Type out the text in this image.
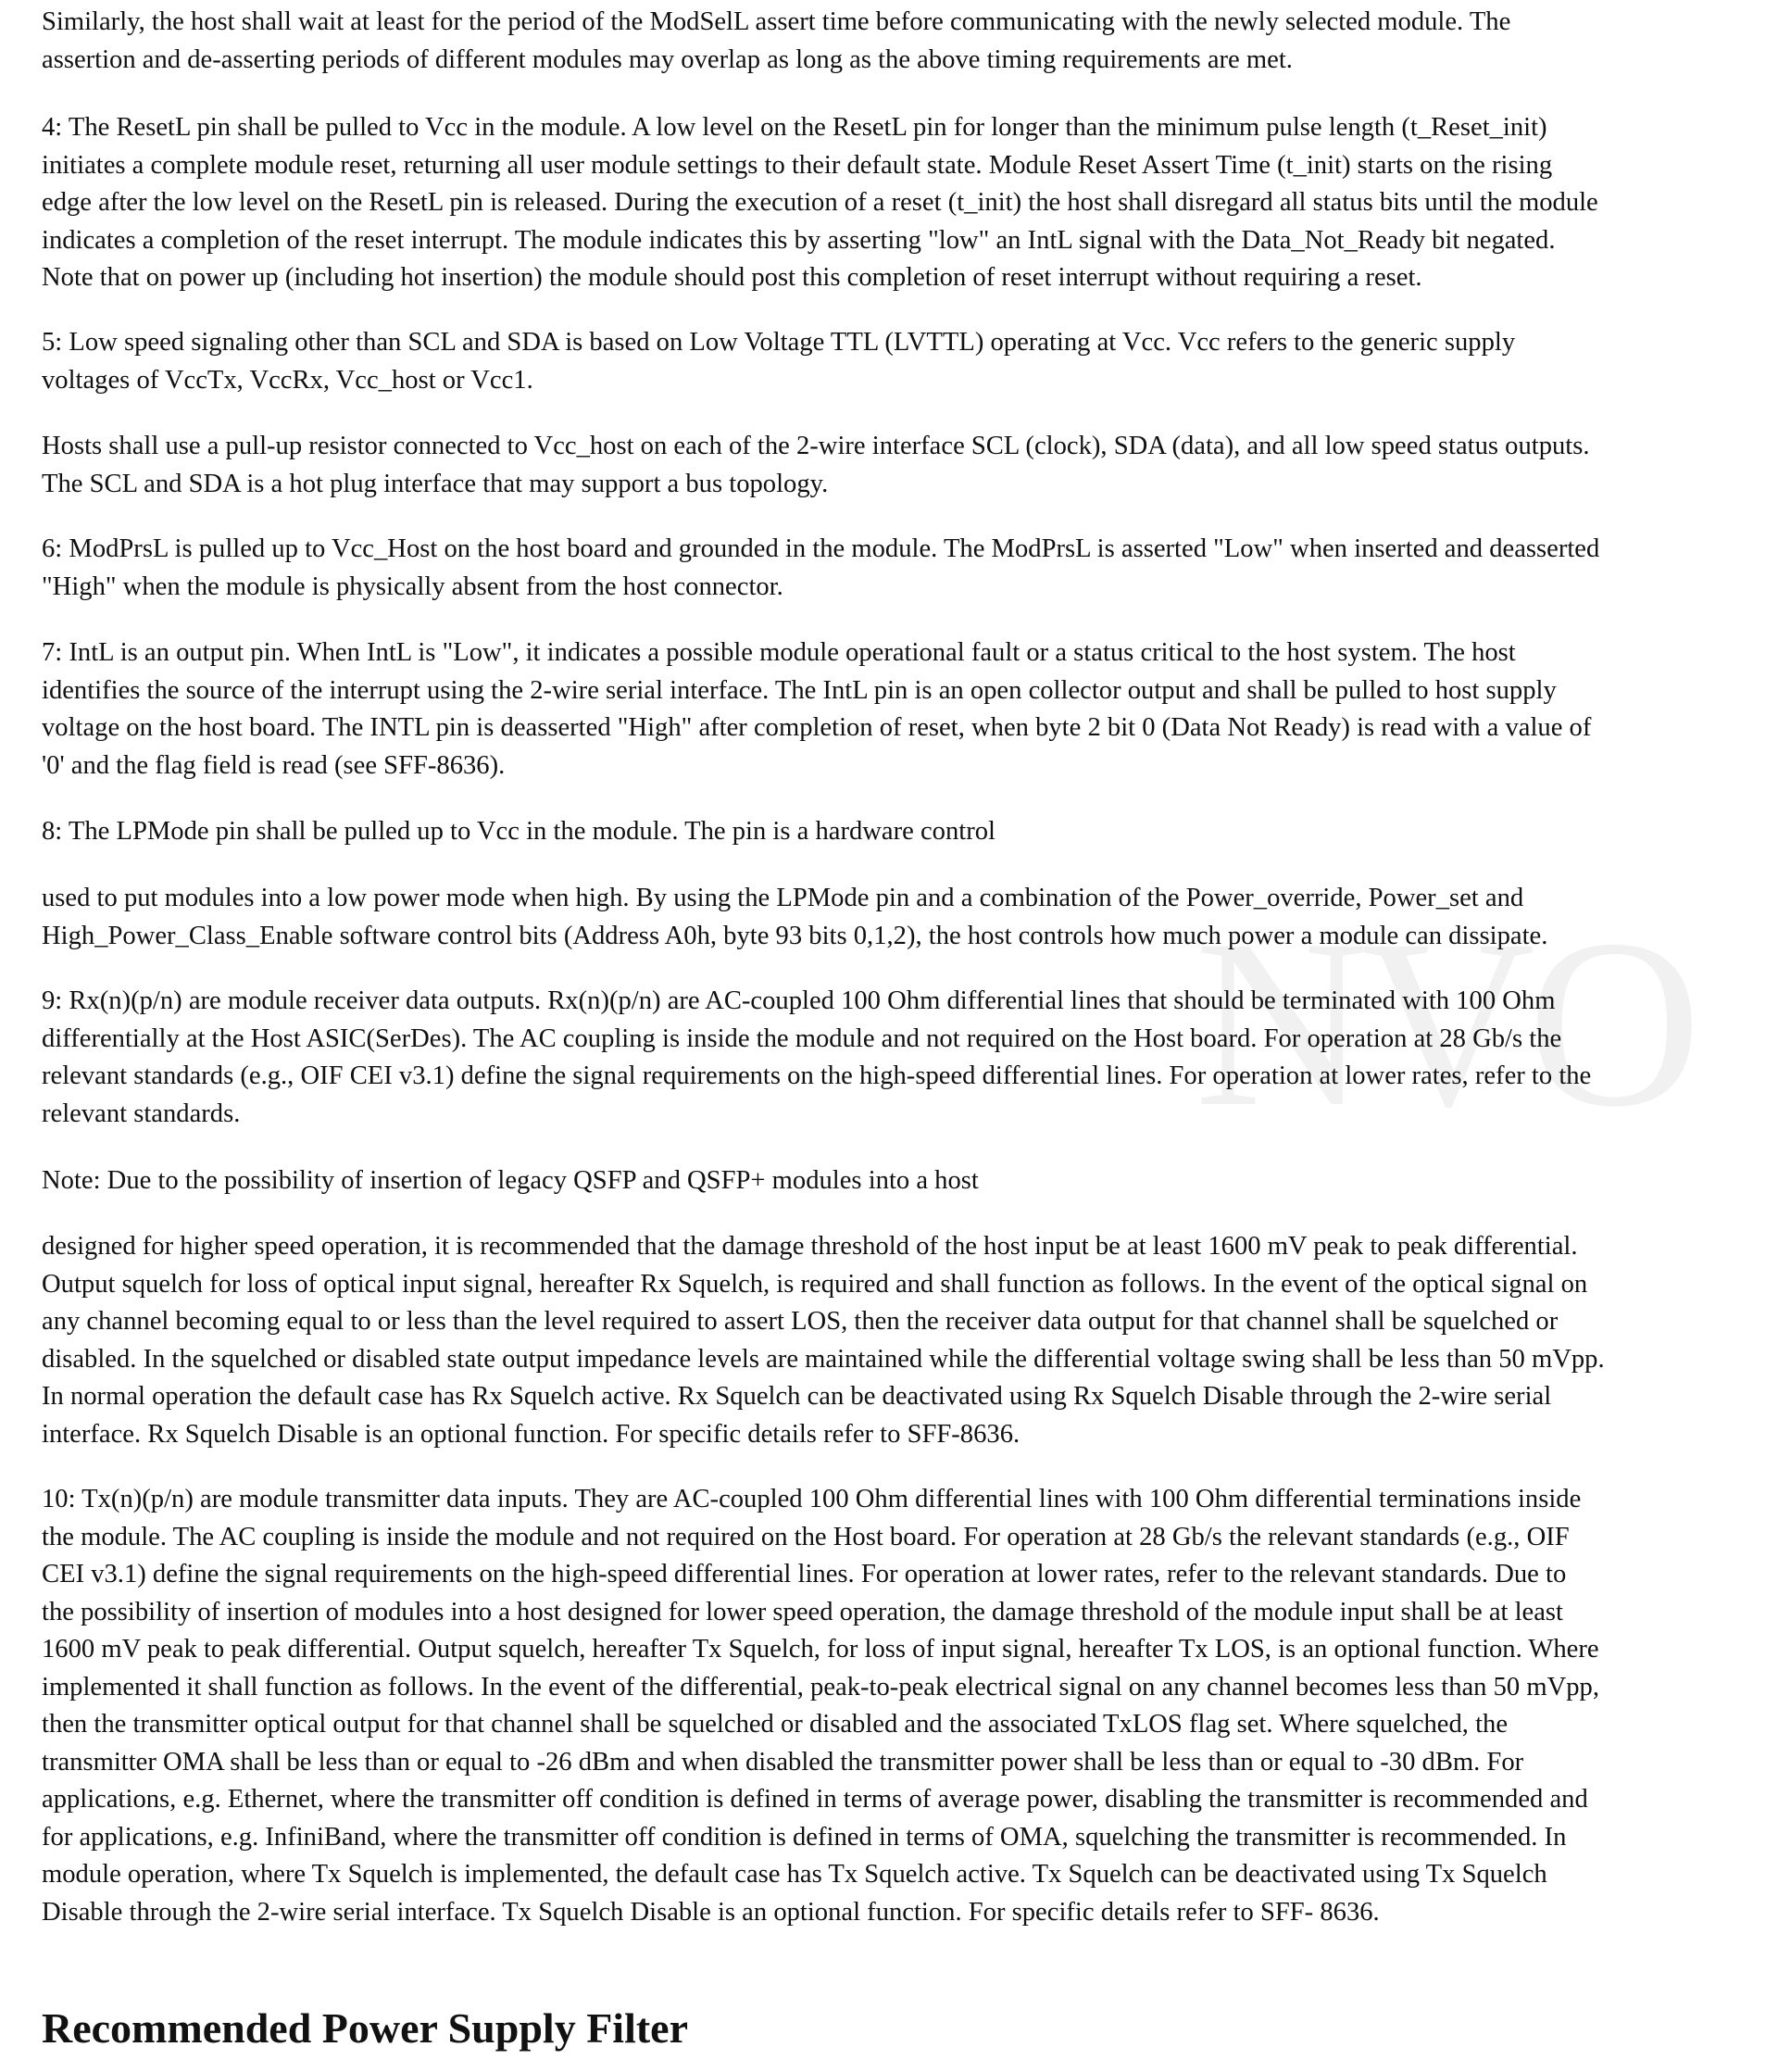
NVO
Similarly, the host shall wait at least for the period of the ModSelL assert time before communicating with the newly selected module. The
assertion and de-asserting periods of different modules may overlap as long as the above timing requirements are met.
4: The ResetL pin shall be pulled to Vcc in the module. A low level on the ResetL pin for longer than the minimum pulse length (t_Reset_init)
initiates a complete module reset, returning all user module settings to their default state. Module Reset Assert Time (t_init) starts on the rising
edge after the low level on the ResetL pin is released. During the execution of a reset (t_init) the host shall disregard all status bits until the module
indicates a completion of the reset interrupt. The module indicates this by asserting "low" an IntL signal with the Data_Not_Ready bit negated.
Note that on power up (including hot insertion) the module should post this completion of reset interrupt without requiring a reset.
5: Low speed signaling other than SCL and SDA is based on Low Voltage TTL (LVTTL) operating at Vcc. Vcc refers to the generic supply
voltages of VccTx, VccRx, Vcc_host or Vcc1.
Hosts shall use a pull-up resistor connected to Vcc_host on each of the 2-wire interface SCL (clock), SDA (data), and all low speed status outputs.
The SCL and SDA is a hot plug interface that may support a bus topology.
6: ModPrsL is pulled up to Vcc_Host on the host board and grounded in the module. The ModPrsL is asserted "Low" when inserted and deasserted
"High" when the module is physically absent from the host connector.
7: IntL is an output pin. When IntL is "Low", it indicates a possible module operational fault or a status critical to the host system. The host
identifies the source of the interrupt using the 2-wire serial interface. The IntL pin is an open collector output and shall be pulled to host supply
voltage on the host board. The INTL pin is deasserted "High" after completion of reset, when byte 2 bit 0 (Data Not Ready) is read with a value of
'0' and the flag field is read (see SFF-8636).
8: The LPMode pin shall be pulled up to Vcc in the module. The pin is a hardware control
used to put modules into a low power mode when high. By using the LPMode pin and a combination of the Power_override, Power_set and
High_Power_Class_Enable software control bits (Address A0h, byte 93 bits 0,1,2), the host controls how much power a module can dissipate.
9: Rx(n)(p/n) are module receiver data outputs. Rx(n)(p/n) are AC-coupled 100 Ohm differential lines that should be terminated with 100 Ohm
differentially at the Host ASIC(SerDes). The AC coupling is inside the module and not required on the Host board. For operation at 28 Gb/s the
relevant standards (e.g., OIF CEI v3.1) define the signal requirements on the high-speed differential lines. For operation at lower rates, refer to the
relevant standards.
Note: Due to the possibility of insertion of legacy QSFP and QSFP+ modules into a host
designed for higher speed operation, it is recommended that the damage threshold of the host input be at least 1600 mV peak to peak differential.
Output squelch for loss of optical input signal, hereafter Rx Squelch, is required and shall function as follows. In the event of the optical signal on
any channel becoming equal to or less than the level required to assert LOS, then the receiver data output for that channel shall be squelched or
disabled. In the squelched or disabled state output impedance levels are maintained while the differential voltage swing shall be less than 50 mVpp.
In normal operation the default case has Rx Squelch active. Rx Squelch can be deactivated using Rx Squelch Disable through the 2-wire serial
interface. Rx Squelch Disable is an optional function. For specific details refer to SFF-8636.
10: Tx(n)(p/n) are module transmitter data inputs. They are AC-coupled 100 Ohm differential lines with 100 Ohm differential terminations inside
the module. The AC coupling is inside the module and not required on the Host board. For operation at 28 Gb/s the relevant standards (e.g., OIF
CEI v3.1) define the signal requirements on the high-speed differential lines. For operation at lower rates, refer to the relevant standards. Due to
the possibility of insertion of modules into a host designed for lower speed operation, the damage threshold of the module input shall be at least
1600 mV peak to peak differential. Output squelch, hereafter Tx Squelch, for loss of input signal, hereafter Tx LOS, is an optional function. Where
implemented it shall function as follows. In the event of the differential, peak-to-peak electrical signal on any channel becomes less than 50 mVpp,
then the transmitter optical output for that channel shall be squelched or disabled and the associated TxLOS flag set. Where squelched, the
transmitter OMA shall be less than or equal to -26 dBm and when disabled the transmitter power shall be less than or equal to -30 dBm. For
applications, e.g. Ethernet, where the transmitter off condition is defined in terms of average power, disabling the transmitter is recommended and
for applications, e.g. InfiniBand, where the transmitter off condition is defined in terms of OMA, squelching the transmitter is recommended. In
module operation, where Tx Squelch is implemented, the default case has Tx Squelch active. Tx Squelch can be deactivated using Tx Squelch
Disable through the 2-wire serial interface. Tx Squelch Disable is an optional function. For specific details refer to SFF- 8636.
Recommended Power Supply Filter
